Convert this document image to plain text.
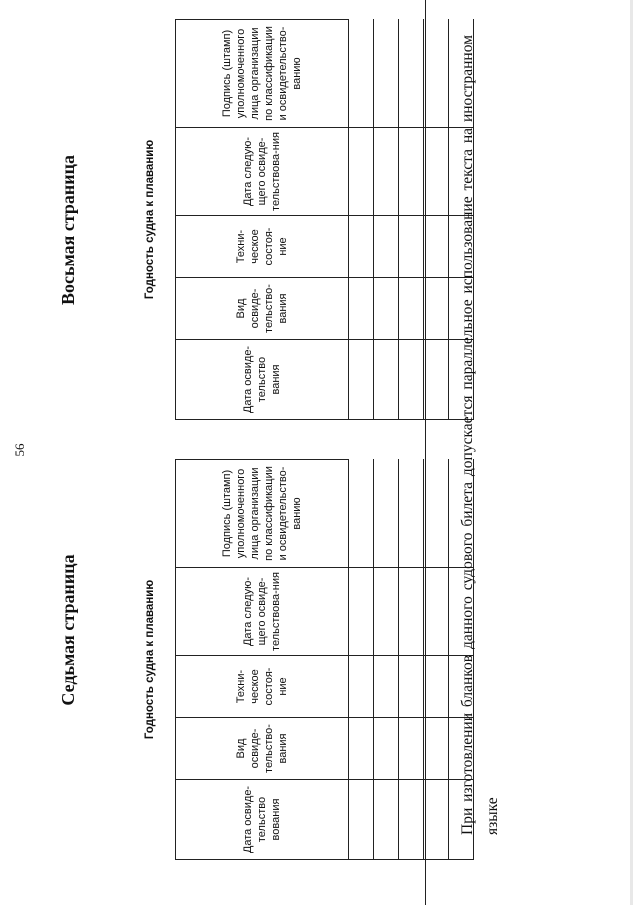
56
Седьмая страница	Годность судна к плаванию				
Дата освиде-тельство вования	Вид освиде-тельство-вания	Техни-ческое состоя-ние	Дата следую-щего освиде-тельствова-ния	Подпись (штамп) уполномоченного лица организации по классификации и освидетельство-ванию

Восьмая страница	Годность судна к плаванию				
Дата освиде-тельство вания	Вид освиде-тельство-вания	Техни-ческое состоя-ние	Дата следую-щего освиде-тельствова-ния	Подпись (штамп) уполномоченного лица организации по классификации и освидетельство-ванию

					При изготовлении бланков данного судового билета допускается параллельное использование текста на иностранном языке
